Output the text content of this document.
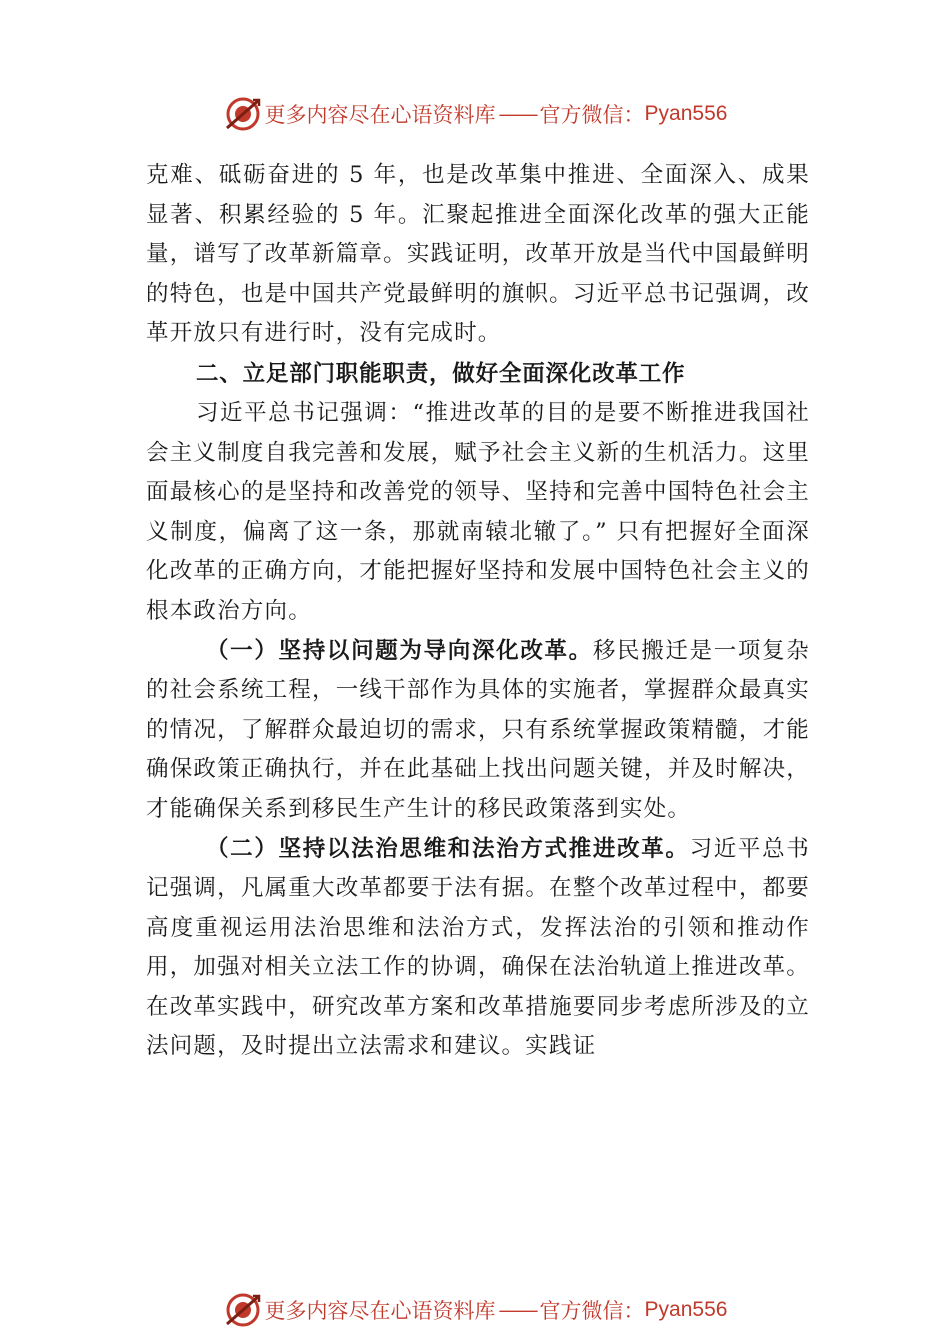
更多内容尽在心语资料库 —— 官方微信： Pyan556

克难、砥砺奋进的 5 年，也是改革集中推进、全面深入、成果显著、积累经验的 5 年。汇聚起推进全面深化改革的强大正能量，谱写了改革新篇章。实践证明，改革开放是当代中国最鲜明的特色，也是中国共产党最鲜明的旗帜。习近平总书记强调，改革开放只有进行时，没有完成时。

二、立足部门职能职责，做好全面深化改革工作

习近平总书记强调：“推进改革的目的是要不断推进我国社会主义制度自我完善和发展，赋予社会主义新的生机活力。这里面最核心的是坚持和改善党的领导、坚持和完善中国特色社会主义制度，偏离了这一条，那就南辕北辙了。” 只有把握好全面深化改革的正确方向，才能把握好坚持和发展中国特色社会主义的根本政治方向。

（一）坚持以问题为导向深化改革。移民搬迁是一项复杂的社会系统工程，一线干部作为具体的实施者，掌握群众最真实的情况，了解群众最迫切的需求，只有系统掌握政策精髓，才能确保政策正确执行，并在此基础上找出问题关键，并及时解决，才能确保关系到移民生产生计的移民政策落到实处。

（二）坚持以法治思维和法治方式推进改革。习近平总书记强调，凡属重大改革都要于法有据。在整个改革过程中，都要高度重视运用法治思维和法治方式，发挥法治的引领和推动作用，加强对相关立法工作的协调，确保在法治轨道上推进改革。在改革实践中，研究改革方案和改革措施要同步考虑所涉及的立法问题，及时提出立法需求和建议。实践证

更多内容尽在心语资料库 —— 官方微信： Pyan556
